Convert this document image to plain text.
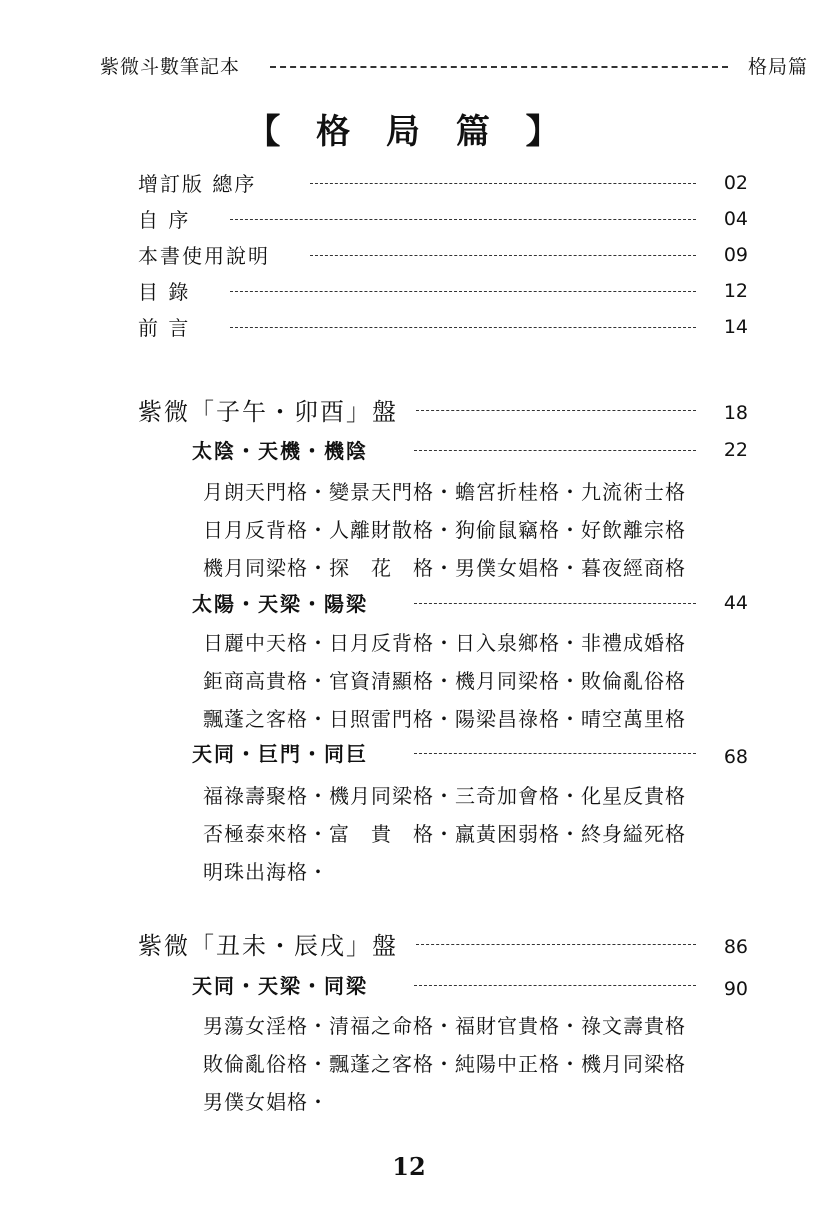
紫微斗數筆記本	格局篇
【 格 局 篇 】
增訂版 總序	02
自 序	04
本書使用說明	09
目 錄	12
前 言	14
紫微「子午・卯酉」盤	18
太陰・天機・機陰	22
月朗天門格・變景天門格・蟾宮折桂格・九流術士格
日月反背格・人離財散格・狗偷鼠竊格・好飲離宗格
機月同梁格・探　花　格・男僕女娼格・暮夜經商格
太陽・天梁・陽梁	44
日麗中天格・日月反背格・日入泉鄉格・非禮成婚格
鉅商高貴格・官資清顯格・機月同梁格・敗倫亂俗格
飄蓬之客格・日照雷門格・陽梁昌祿格・晴空萬里格
天同・巨門・同巨	68
福祿壽聚格・機月同梁格・三奇加會格・化星反貴格
否極泰來格・富　貴　格・羸黃困弱格・終身縊死格
明珠出海格・
紫微「丑未・辰戌」盤	86
天同・天梁・同梁	90
男蕩女淫格・清福之命格・福財官貴格・祿文壽貴格
敗倫亂俗格・飄蓬之客格・純陽中正格・機月同梁格
男僕女娼格・
12
